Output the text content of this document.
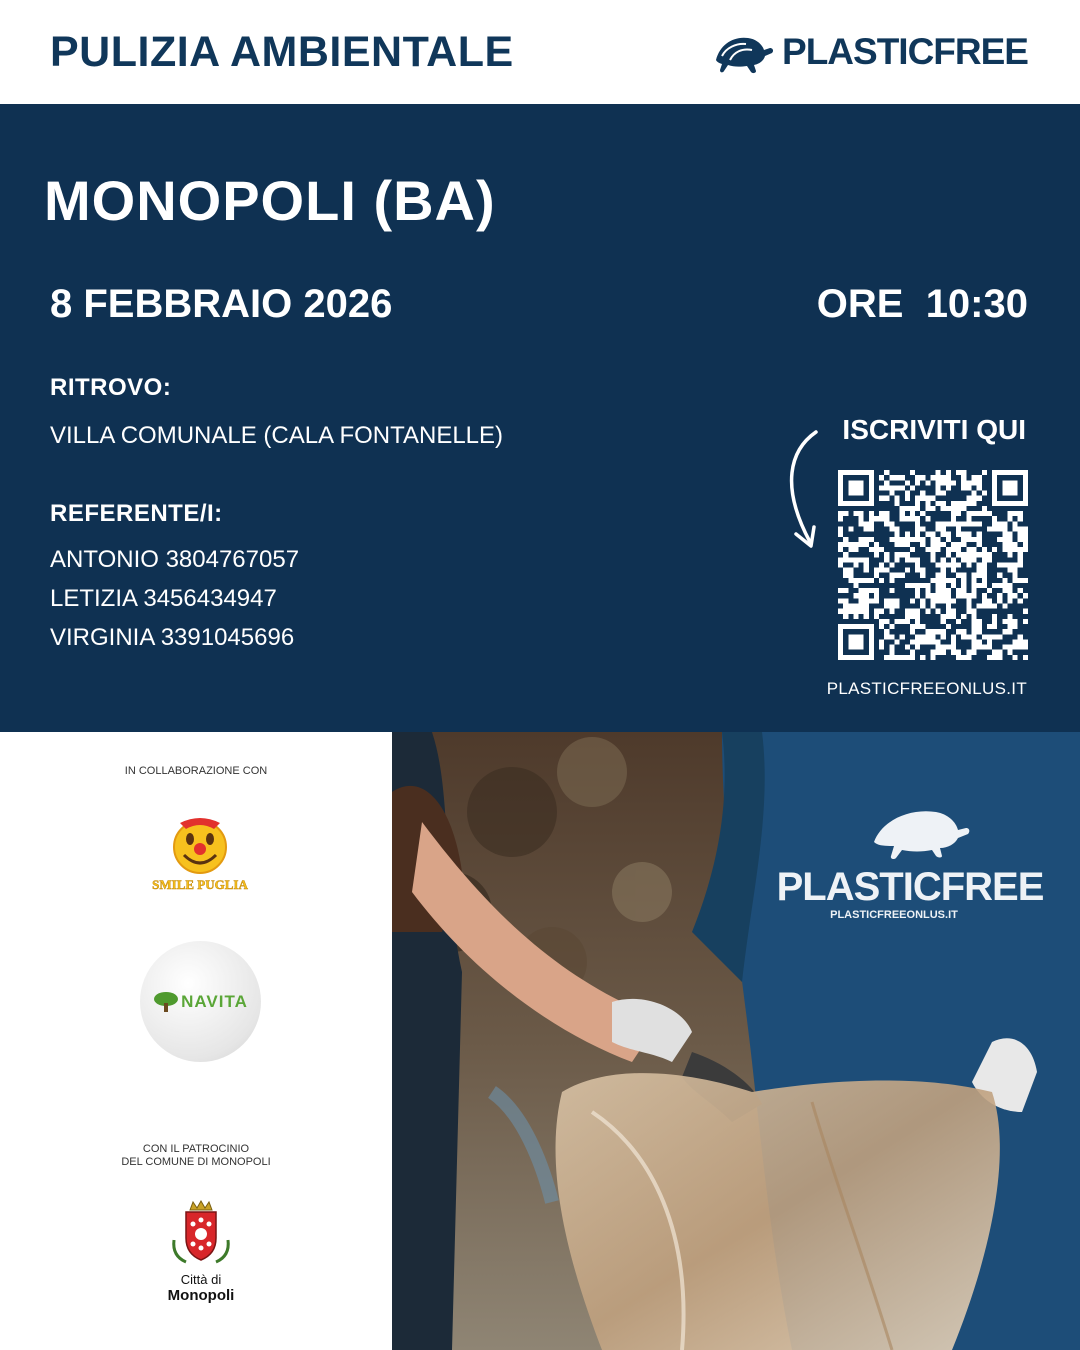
PULIZIA AMBIENTALE	PLASTICFREE
MONOPOLI (BA)
8 FEBBRAIO 2026	ORE  10:30
RITROVO:
VILLA COMUNALE (CALA FONTANELLE)
REFERENTE/I:
ANTONIO 3804767057
LETIZIA 3456434947
VIRGINIA 3391045696
ISCRIVITI QUI
PLASTICFREEONLUS.IT
IN COLLABORAZIONE CON
SMILE PUGLIA
NAVITA
CON IL PATROCINIO
DEL COMUNE DI MONOPOLI
Città di
Monopoli
PLASTICFREE
PLASTICFREEONLUS.IT
